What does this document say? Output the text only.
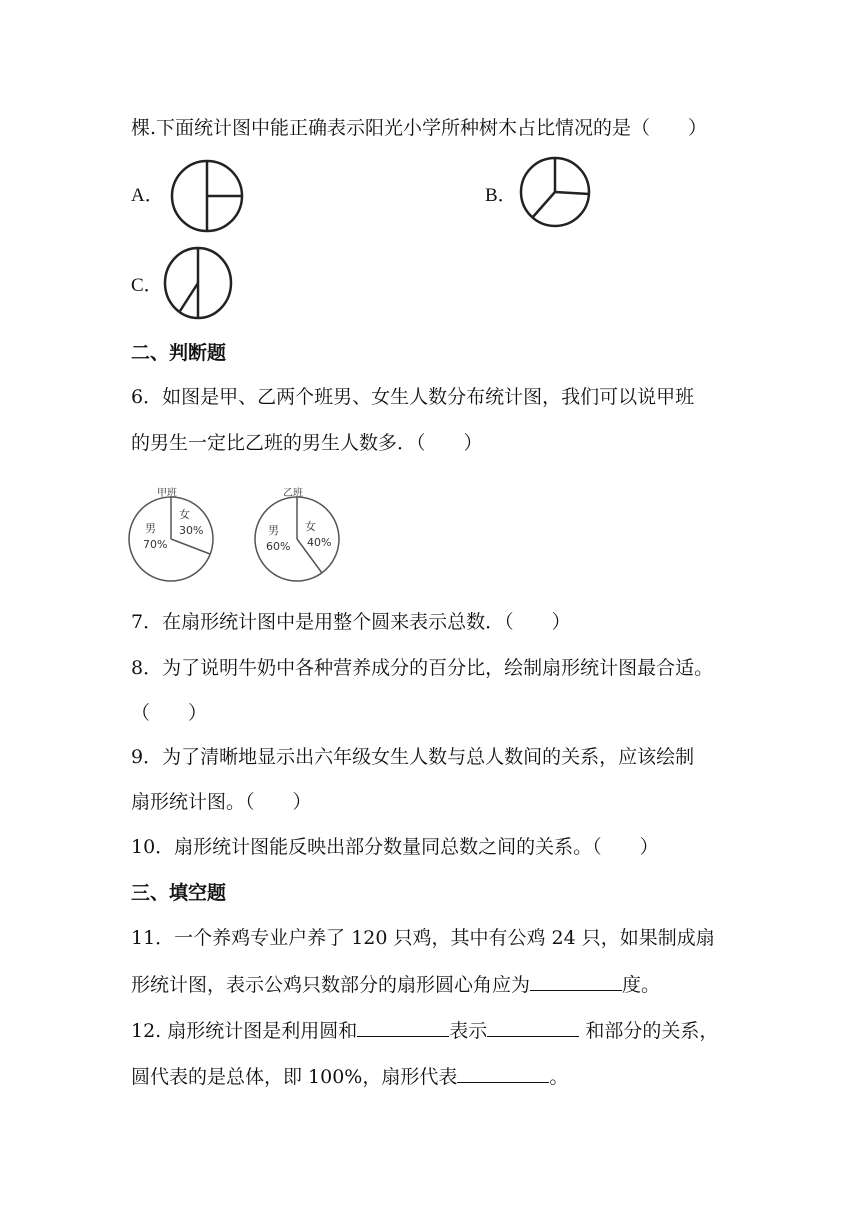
棵.下面统计图中能正确表示阳光小学所种树木占比情况的是（　　）
A．	B．
C．
二、判断题
6．如图是甲、乙两个班男、女生人数分布统计图，我们可以说甲班
的男生一定比乙班的男生人数多．（　　）
甲班
女
30%
男
70%
乙班
女
40%
男
60%
7．在扇形统计图中是用整个圆来表示总数．（　　）
8．为了说明牛奶中各种营养成分的百分比，绘制扇形统计图最合适。
（　　）
9．为了清晰地显示出六年级女生人数与总人数间的关系，应该绘制
扇形统计图。（　　）
10．扇形统计图能反映出部分数量同总数之间的关系。（　　）
三、填空题
11．一个养鸡专业户养了 120 只鸡，其中有公鸡 24 只，如果制成扇
形统计图，表示公鸡只数部分的扇形圆心角应为	度。
12. 扇形统计图是利用圆和	表示	和部分的关系，
圆代表的是总体，即 100%，扇形代表	。
